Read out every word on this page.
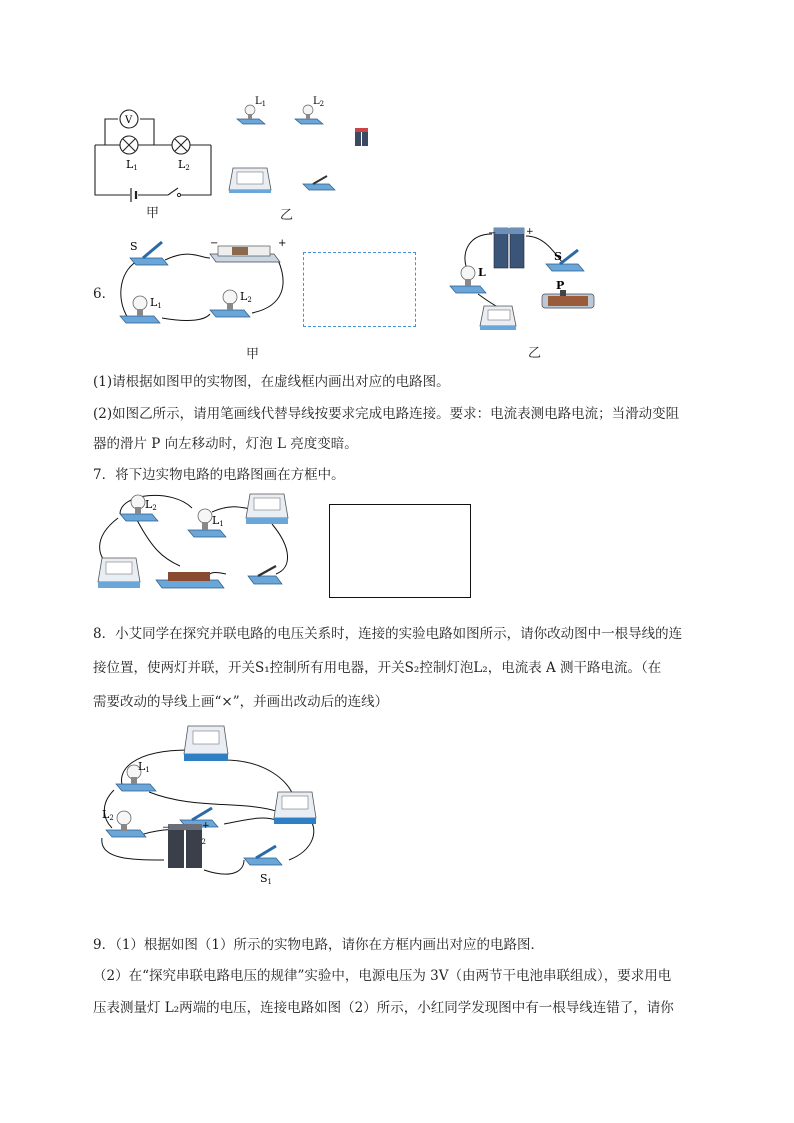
V
L1	L2
甲
$L_1$	$L_2$
乙
6．
S	−	+
L1
L2
甲
−	+
L
S
P
乙
(1)请根据如图甲的实物图，在虚线框内画出对应的电路图。
(2)如图乙所示，请用笔画线代替导线按要求完成电路连接。要求：电流表测电路电流；当滑动变阻
器的滑片 P 向左移动时，灯泡 L 亮度变暗。
7．将下边实物电路的电路图画在方框中。
L2
L1
8．小艾同学在探究并联电路的电压关系时，连接的实验电路如图所示，请你改动图中一根导线的连
接位置，使两灯并联，开关S₁控制所有用电器，开关S₂控制灯泡L₂，电流表 A 测干路电流。（在
需要改动的导线上画“×”，并画出改动后的连线）
L1
L2
2
−	+
S1
9．（1）根据如图（1）所示的实物电路，请你在方框内画出对应的电路图．
（2）在“探究串联电路电压的规律”实验中，电源电压为 3V（由两节干电池串联组成），要求用电
压表测量灯 L₂两端的电压，连接电路如图（2）所示，小红同学发现图中有一根导线连错了，请你
